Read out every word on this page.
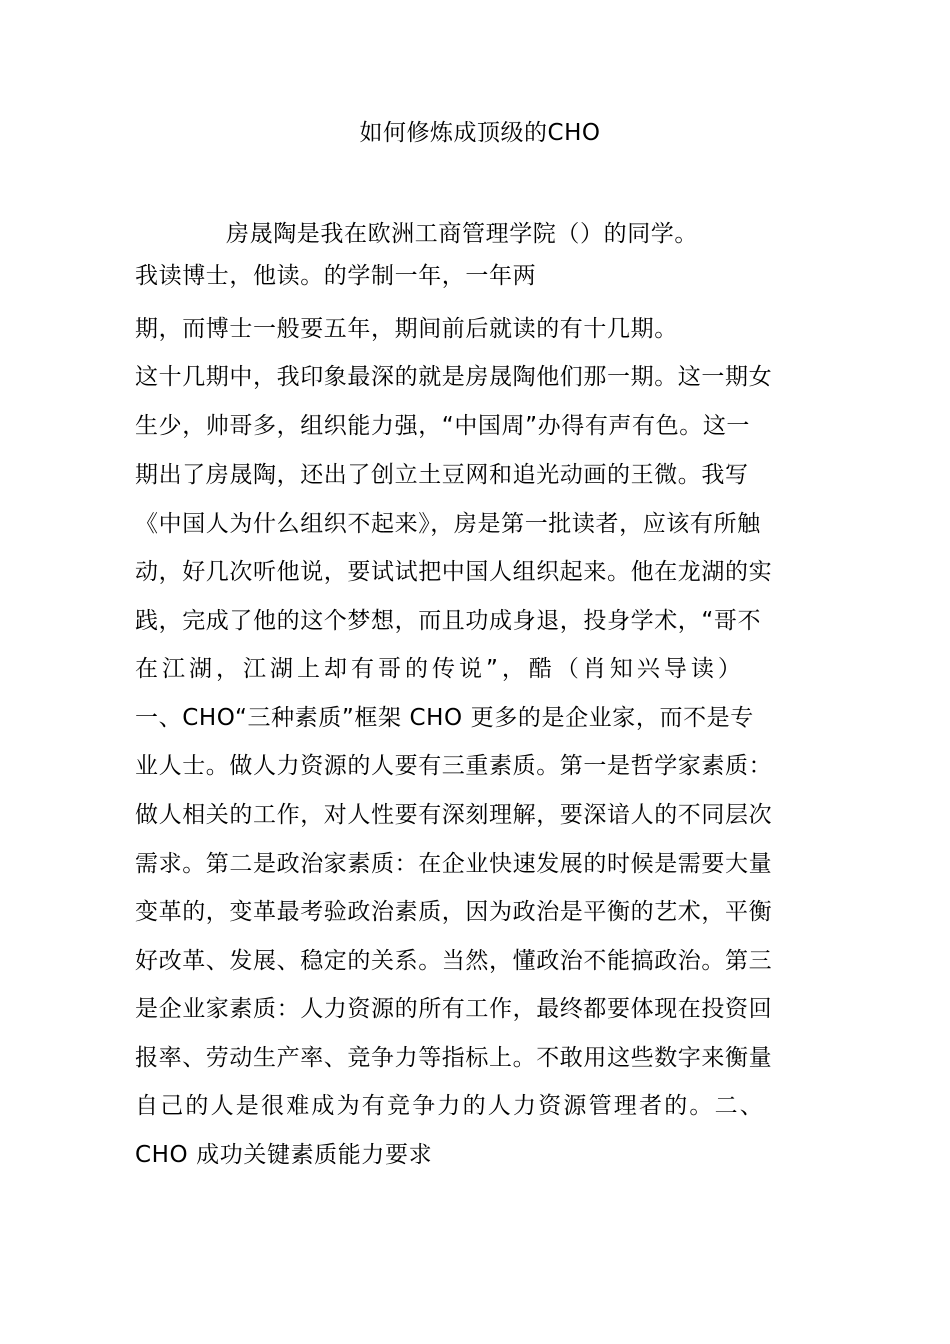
如何修炼成顶级的CHO
房晟陶是我在欧洲工商管理学院（）的同学。
我读博士，他读。的学制一年，一年两
期，而博士一般要五年，期间前后就读的有十几期。
这十几期中，我印象最深的就是房晟陶他们那一期。这一期女
生少，帅哥多，组织能力强，“中国周”办得有声有色。这一
期出了房晟陶，还出了创立土豆网和追光动画的王微。我写
《中国人为什么组织不起来》，房是第一批读者，应该有所触
动，好几次听他说，要试试把中国人组织起来。他在龙湖的实
践，完成了他的这个梦想，而且功成身退，投身学术，“哥不
在江湖，江湖上却有哥的传说”，酷（肖知兴导读）
一、CHO“三种素质”框架 CHO 更多的是企业家，而不是专
业人士。做人力资源的人要有三重素质。第一是哲学家素质：
做人相关的工作，对人性要有深刻理解，要深谙人的不同层次
需求。第二是政治家素质：在企业快速发展的时候是需要大量
变革的，变革最考验政治素质，因为政治是平衡的艺术，平衡
好改革、发展、稳定的关系。当然，懂政治不能搞政治。第三
是企业家素质：人力资源的所有工作，最终都要体现在投资回
报率、劳动生产率、竞争力等指标上。不敢用这些数字来衡量
自己的人是很难成为有竞争力的人力资源管理者的。二、
CHO 成功关键素质能力要求
